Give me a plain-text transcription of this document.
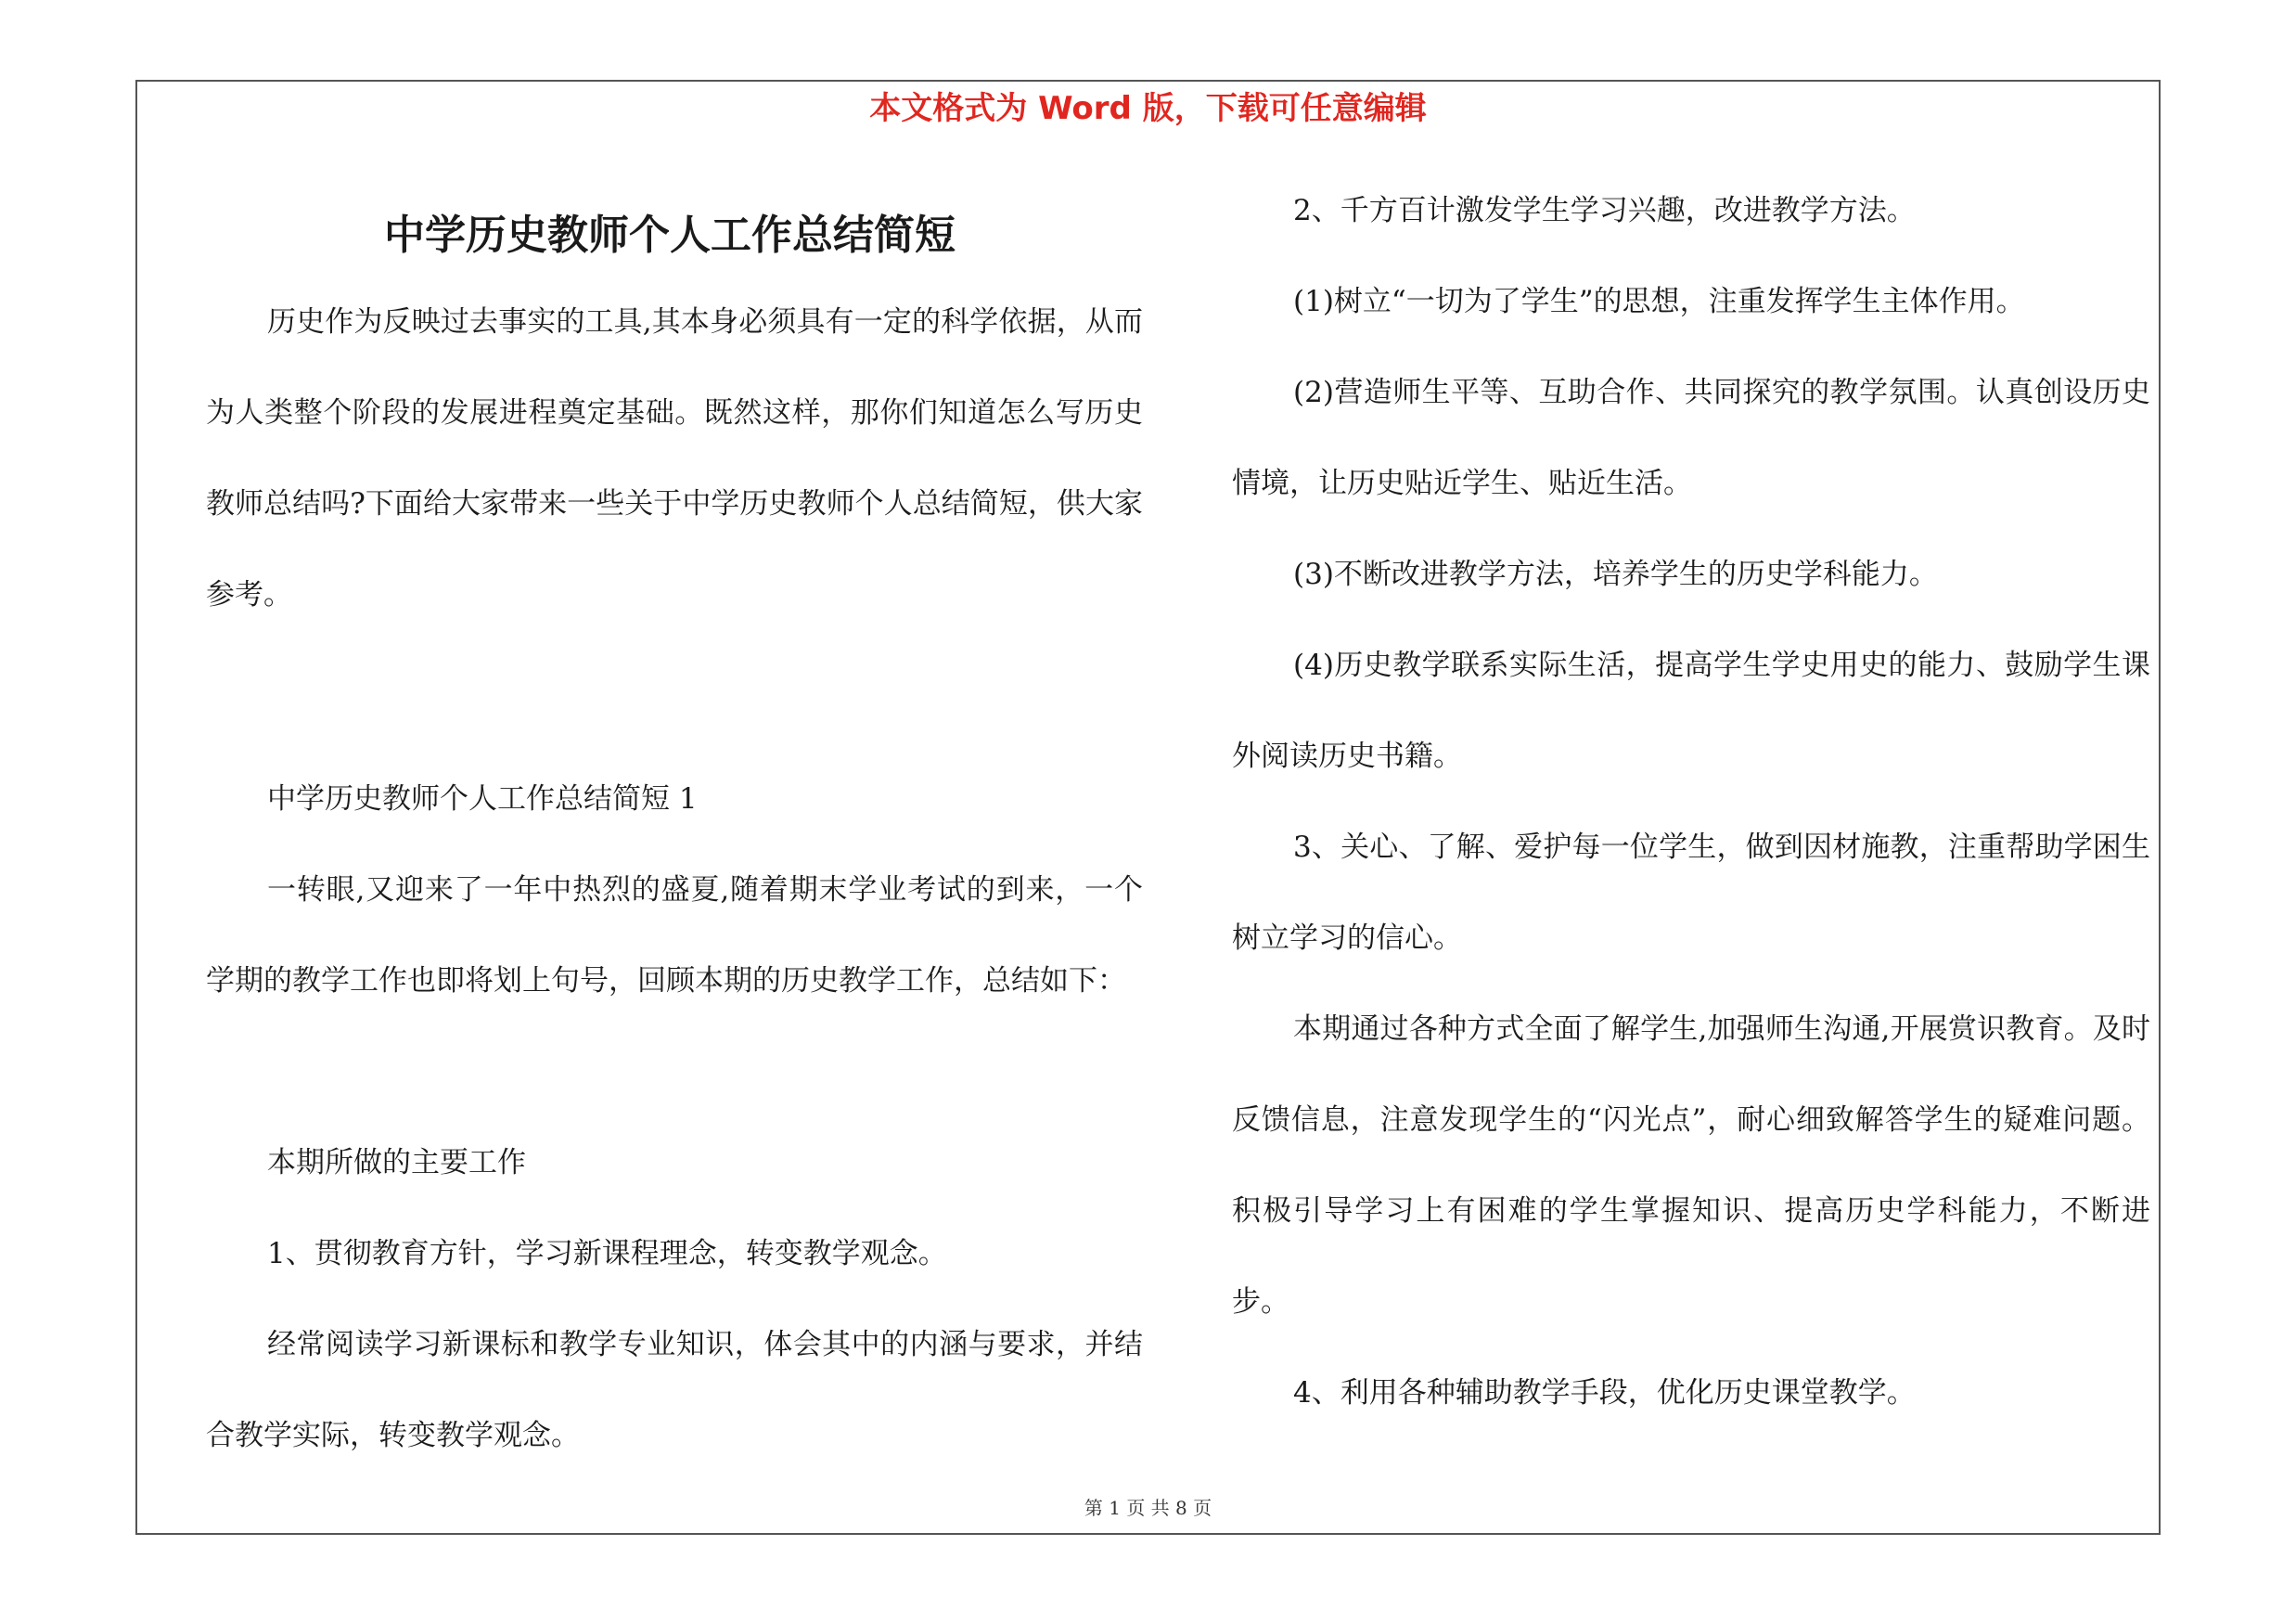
本文格式为 Word 版，下载可任意编辑
中学历史教师个人工作总结简短

历史作为反映过去事实的工具,其本身必须具有一定的科学依据，从而为人类整个阶段的发展进程奠定基础。既然这样，那你们知道怎么写历史教师总结吗?下面给大家带来一些关于中学历史教师个人总结简短，供大家参考。

中学历史教师个人工作总结简短 1

一转眼,又迎来了一年中热烈的盛夏,随着期末学业考试的到来，一个学期的教学工作也即将划上句号，回顾本期的历史教学工作，总结如下：

本期所做的主要工作

1、贯彻教育方针，学习新课程理念，转变教学观念。

经常阅读学习新课标和教学专业知识，体会其中的内涵与要求，并结合教学实际，转变教学观念。

2、千方百计激发学生学习兴趣，改进教学方法。

(1)树立“一切为了学生”的思想，注重发挥学生主体作用。

(2)营造师生平等、互助合作、共同探究的教学氛围。认真创设历史情境，让历史贴近学生、贴近生活。

(3)不断改进教学方法，培养学生的历史学科能力。

(4)历史教学联系实际生活，提高学生学史用史的能力、鼓励学生课外阅读历史书籍。

3、关心、了解、爱护每一位学生，做到因材施教，注重帮助学困生树立学习的信心。

本期通过各种方式全面了解学生,加强师生沟通,开展赏识教育。及时反馈信息，注意发现学生的“闪光点”，耐心细致解答学生的疑难问题。积极引导学习上有困难的学生掌握知识、提高历史学科能力，不断进步。

4、利用各种辅助教学手段，优化历史课堂教学。

第 1 页 共 8 页
